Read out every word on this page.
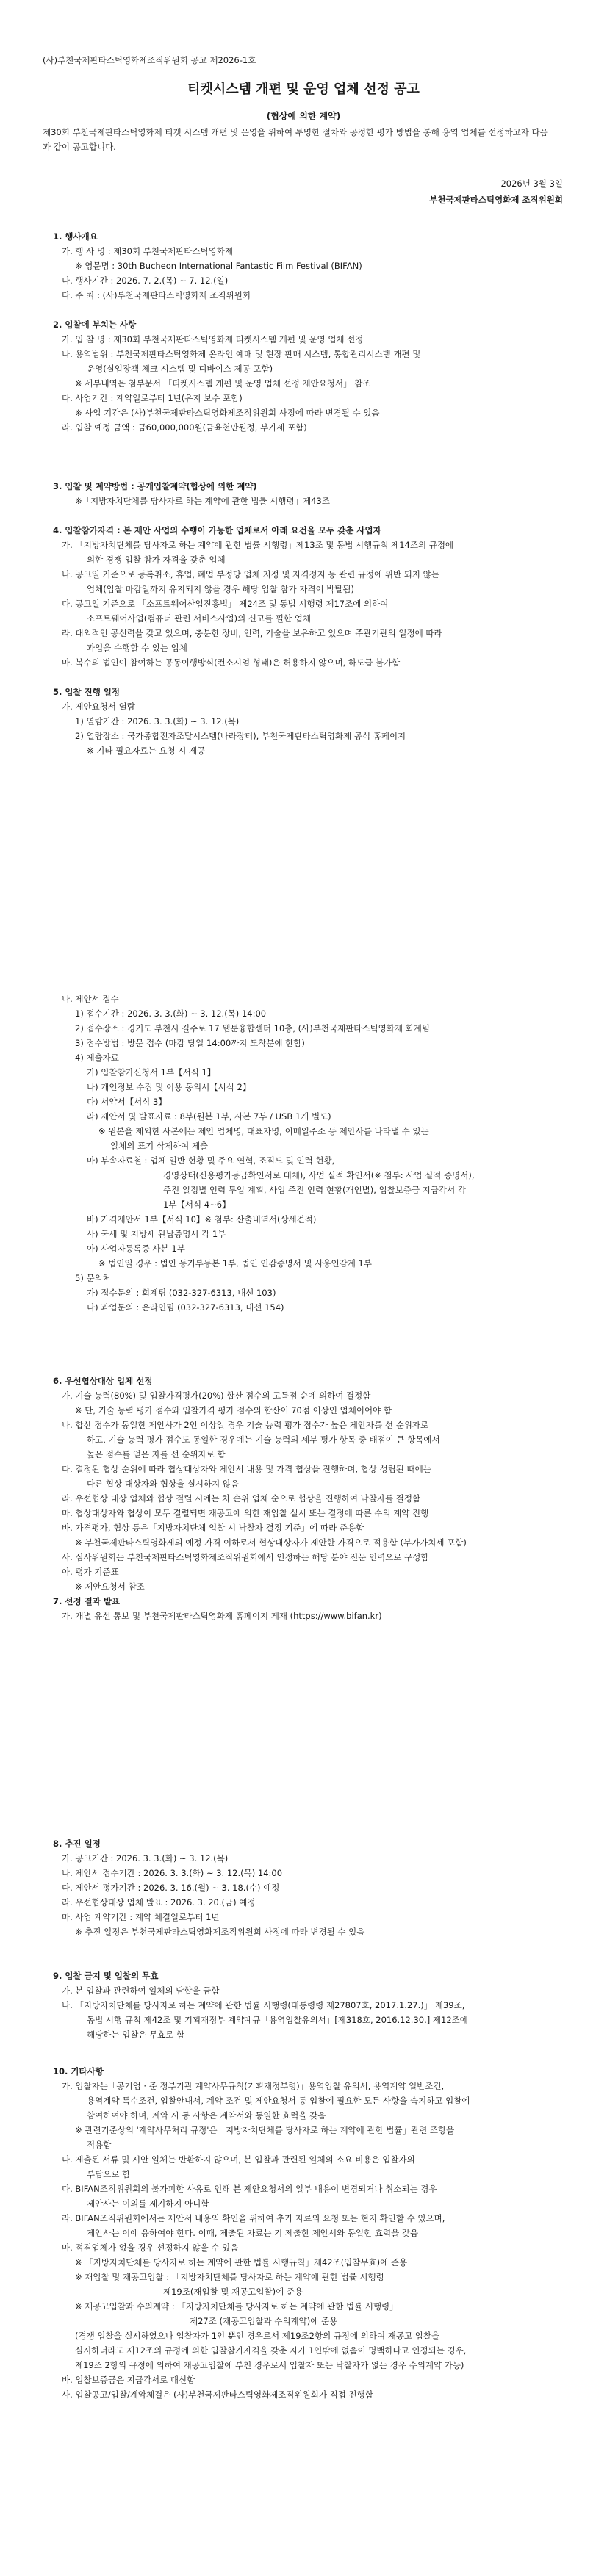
(사)부천국제판타스틱영화제조직위원회 공고 제2026-1호
티켓시스템 개편 및 운영 업체 선정 공고
(협상에 의한 계약)
제30회 부천국제판타스틱영화제 티켓 시스템 개편 및 운영을 위하여 투명한 절차와 공정한 평가 방법을 통해 용역 업체를 선정하고자 다음과 같이 공고합니다.
2026년 3월 3일
부천국제판타스틱영화제 조직위원회
1. 행사개요
가. 행 사 명 : 제30회 부천국제판타스틱영화제
※ 영문명 : 30th Bucheon International Fantastic Film Festival (BIFAN)
나. 행사기간 : 2026. 7. 2.(목) ~ 7. 12.(일)
다. 주 최 : (사)부천국제판타스틱영화제 조직위원회
2. 입찰에 부치는 사항
가. 입 찰 명 : 제30회 부천국제판타스틱영화제 티켓시스템 개편 및 운영 업체 선정
나. 용역범위 : 부천국제판타스틱영화제 온라인 예매 및 현장 판매 시스템, 통합관리시스템 개편 및
운영(실입장객 체크 시스템 및 디바이스 제공 포함)
※ 세부내역은 첨부문서 「티켓시스템 개편 및 운영 업체 선정 제안요청서」 참조
다. 사업기간 : 계약일로부터 1년(유지 보수 포함)
※ 사업 기간은 (사)부천국제판타스틱영화제조직위원회 사정에 따라 변경될 수 있음
라. 입찰 예정 금액 : 금60,000,000원(금육천만원정, 부가세 포함)
3. 입찰 및 계약방법 : 공개입찰계약(협상에 의한 계약)
※「지방자치단체를 당사자로 하는 계약에 관한 법률 시행령」제43조
4. 입찰참가자격 : 본 제안 사업의 수행이 가능한 업체로서 아래 요건을 모두 갖춘 사업자
가. 「지방자치단체를 당사자로 하는 계약에 관한 법률 시행령」제13조 및 동법 시행규칙 제14조의 규정에
의한 경쟁 입찰 참가 자격을 갖춘 업체
나. 공고일 기준으로 등록취소, 휴업, 폐업 부정당 업체 지정 및 자격정지 등 관련 규정에 위반 되지 않는
업체(입찰 마감일까지 유지되지 않을 경우 해당 입찰 참가 자격이 박탈됨)
다. 공고일 기준으로 「소프트웨어산업진흥법」 제24조 및 동법 시행령 제17조에 의하여
소프트웨어사업(컴퓨터 관련 서비스사업)의 신고를 필한 업체
라. 대외적인 공신력을 갖고 있으며, 충분한 장비, 인력, 기술을 보유하고 있으며 주관기관의 일정에 따라
과업을 수행할 수 있는 업체
마. 복수의 법인이 참여하는 공동이행방식(컨소시엄 형태)은 허용하지 않으며, 하도급 불가함
5. 입찰 진행 일정
가. 제안요청서 열람
1) 열람기간 : 2026. 3. 3.(화) ~ 3. 12.(목)
2) 열람장소 : 국가종합전자조달시스템(나라장터), 부천국제판타스틱영화제 공식 홈페이지
※ 기타 필요자료는 요청 시 제공
나. 제안서 접수
1) 접수기간 : 2026. 3. 3.(화) ~ 3. 12.(목) 14:00
2) 접수장소 : 경기도 부천시 길주로 17 웹툰융합센터 10층, (사)부천국제판타스틱영화제 회계팀
3) 접수방법 : 방문 접수 (마감 당일 14:00까지 도착분에 한함)
4) 제출자료
가) 입찰참가신청서 1부【서식 1】
나) 개인정보 수집 및 이용 동의서【서식 2】
다) 서약서【서식 3】
라) 제안서 및 발표자료 : 8부(원본 1부, 사본 7부 / USB 1개 별도)
※ 원본을 제외한 사본에는 제안 업체명, 대표자명, 이메일주소 등 제안사를 나타낼 수 있는
일체의 표기 삭제하여 제출
마) 부속자료철 : 업체 일반 현황 및 주요 연혁, 조직도 및 인력 현황,
경영상태(신용평가등급확인서로 대체), 사업 실적 확인서(※ 첨부: 사업 실적 증명서),
주진 일정별 인력 투입 계획, 사업 주진 인력 현황(개인별), 입찰보증금 지급각서 각
1부【서식 4~6】
바) 가격제안서 1부【서식 10】※ 첨부: 산출내역서(상세견적)
사) 국세 및 지방세 완납증명서 각 1부
아) 사업자등록증 사본 1부
※ 법인일 경우 : 법인 등기부등본 1부, 법인 인감증명서 및 사용인감계 1부
5) 문의처
가) 접수문의 : 회계팀 (032-327-6313, 내선 103)
나) 과업문의 : 온라인팀 (032-327-6313, 내선 154)
6. 우선협상대상 업체 선정
가. 기술 능력(80%) 및 입찰가격평가(20%) 합산 점수의 고득점 순에 의하여 결정함
※ 단, 기술 능력 평가 점수와 입찰가격 평가 점수의 합산이 70점 이상인 업체이어야 함
나. 합산 점수가 동일한 제안사가 2인 이상일 경우 기술 능력 평가 점수가 높은 제안자를 선 순위자로
하고, 기술 능력 평가 점수도 동일한 경우에는 기술 능력의 세부 평가 항목 중 배점이 큰 항목에서
높은 점수를 얻은 자를 선 순위자로 함
다. 결정된 협상 순위에 따라 협상대상자와 제안서 내용 및 가격 협상을 진행하며, 협상 성립된 때에는
다른 협상 대상자와 협상을 실시하지 않음
라. 우선협상 대상 업체와 협상 결렬 시에는 차 순위 업체 순으로 협상을 진행하여 낙찰자를 결정함
마. 협상대상자와 협상이 모두 결렬되면 재공고에 의한 재입찰 실시 또는 결정에 따른 수의 계약 진행
바. 가격평가, 협상 등은「지방자치단체 입찰 시 낙찰자 결정 기준」에 따라 준용함
※ 부천국제판타스틱영화제의 예정 가격 이하로서 협상대상자가 제안한 가격으로 적용함 (부가가치세 포함)
사. 심사위원회는 부천국제판타스틱영화제조직위원회에서 인정하는 해당 분야 전문 인력으로 구성함
아. 평가 기준표
※ 제안요청서 참조
7. 선정 결과 발표
가. 개별 유선 통보 및 부천국제판타스틱영화제 홈페이지 게재 (https://www.bifan.kr)
8. 추진 일정
가. 공고기간 : 2026. 3. 3.(화) ~ 3. 12.(목)
나. 제안서 접수기간 : 2026. 3. 3.(화) ~ 3. 12.(목) 14:00
다. 제안서 평가기간 : 2026. 3. 16.(월) ~ 3. 18.(수) 예정
라. 우선협상대상 업체 발표 : 2026. 3. 20.(금) 예정
마. 사업 계약기간 : 계약 체결일로부터 1년
※ 추진 일정은 부천국제판타스틱영화제조직위원회 사정에 따라 변경될 수 있음
9. 입찰 금지 및 입찰의 무효
가. 본 입찰과 관련하여 일체의 담합을 금함
나. 「지방자치단체를 당사자로 하는 계약에 관한 법률 시행령(대통령령 제27807호, 2017.1.27.)」 제39조,
동법 시행 규칙 제42조 및 기획재정부 계약예규「용역입찰유의서」[제318호, 2016.12.30.] 제12조에
해당하는 입찰은 무효로 함
10. 기타사항
가. 입찰자는「공기업 · 준 정부기관 계약사무규칙(기획재정부령)」용역입찰 유의서, 용역계약 일반조건,
용역계약 특수조건, 입찰안내서, 계약 조건 및 제안요청서 등 입찰에 필요한 모든 사항을 숙지하고 입찰에
참여하여야 하며, 계약 시 동 사항은 계약서와 동일한 효력을 갖음
※ 관련기준상의 '계약사무처리 규정'은「지방자치단체를 당사자로 하는 계약에 관한 법률」관련 조항을
적용함
나. 제출된 서류 및 시안 일체는 반환하지 않으며, 본 입찰과 관련된 일체의 소요 비용은 입찰자의
부담으로 함
다. BIFAN조직위원회의 불가피한 사유로 인해 본 제안요청서의 일부 내용이 변경되거나 취소되는 경우
제안사는 이의를 제기하지 아니함
라. BIFAN조직위원회에서는 제안서 내용의 확인을 위하여 추가 자료의 요청 또는 현지 확인할 수 있으며,
제안사는 이에 응하여야 한다. 이때, 제출된 자료는 기 제출한 제안서와 동일한 효력을 갖음
마. 적격업체가 없을 경우 선정하지 않을 수 있음
※ 「지방자치단체를 당사자로 하는 계약에 관한 법률 시행규칙」제42조(입찰무효)에 준용
※ 재입찰 및 재공고입찰 : 「지방자치단체를 당사자로 하는 계약에 관한 법률 시행령」
제19조(재입찰 및 재공고입찰)에 준용
※ 재공고입찰과 수의계약 : 「지방자치단체를 당사자로 하는 계약에 관한 법률 시행령」
제27조 (재공고입찰과 수의계약)에 준용
(경쟁 입찰을 실시하였으나 입찰자가 1인 뿐인 경우로서 제19조2항의 규정에 의하여 재공고 입찰을
실시하더라도 제12조의 규정에 의한 입찰참가자격을 갖춘 자가 1인밖에 없음이 명백하다고 인정되는 경우,
제19조 2항의 규정에 의하여 재공고입찰에 부친 경우로서 입찰자 또는 낙찰자가 없는 경우 수의계약 가능)
바. 입찰보증금은 지급각서로 대신함
사. 입찰공고/입찰/계약체결은 (사)부천국제판타스틱영화제조직위원회가 직접 진행함
